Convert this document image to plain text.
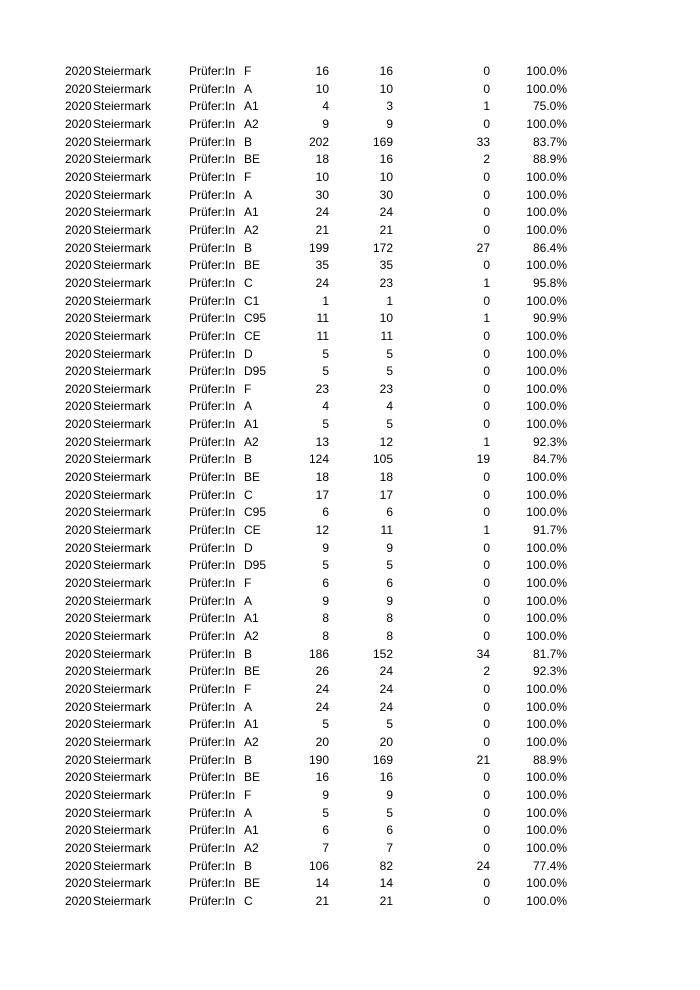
2020 Steiermark	Prüfer:In F	16	16	0	100.0%
2020 Steiermark	Prüfer:In A	10	10	0	100.0%
2020 Steiermark	Prüfer:In A1	4	3	1	75.0%
2020 Steiermark	Prüfer:In A2	9	9	0	100.0%
2020 Steiermark	Prüfer:In B	202	169	33	83.7%
2020 Steiermark	Prüfer:In BE	18	16	2	88.9%
2020 Steiermark	Prüfer:In F	10	10	0	100.0%
2020 Steiermark	Prüfer:In A	30	30	0	100.0%
2020 Steiermark	Prüfer:In A1	24	24	0	100.0%
2020 Steiermark	Prüfer:In A2	21	21	0	100.0%
2020 Steiermark	Prüfer:In B	199	172	27	86.4%
2020 Steiermark	Prüfer:In BE	35	35	0	100.0%
2020 Steiermark	Prüfer:In C	24	23	1	95.8%
2020 Steiermark	Prüfer:In C1	1	1	0	100.0%
2020 Steiermark	Prüfer:In C95	11	10	1	90.9%
2020 Steiermark	Prüfer:In CE	11	11	0	100.0%
2020 Steiermark	Prüfer:In D	5	5	0	100.0%
2020 Steiermark	Prüfer:In D95	5	5	0	100.0%
2020 Steiermark	Prüfer:In F	23	23	0	100.0%
2020 Steiermark	Prüfer:In A	4	4	0	100.0%
2020 Steiermark	Prüfer:In A1	5	5	0	100.0%
2020 Steiermark	Prüfer:In A2	13	12	1	92.3%
2020 Steiermark	Prüfer:In B	124	105	19	84.7%
2020 Steiermark	Prüfer:In BE	18	18	0	100.0%
2020 Steiermark	Prüfer:In C	17	17	0	100.0%
2020 Steiermark	Prüfer:In C95	6	6	0	100.0%
2020 Steiermark	Prüfer:In CE	12	11	1	91.7%
2020 Steiermark	Prüfer:In D	9	9	0	100.0%
2020 Steiermark	Prüfer:In D95	5	5	0	100.0%
2020 Steiermark	Prüfer:In F	6	6	0	100.0%
2020 Steiermark	Prüfer:In A	9	9	0	100.0%
2020 Steiermark	Prüfer:In A1	8	8	0	100.0%
2020 Steiermark	Prüfer:In A2	8	8	0	100.0%
2020 Steiermark	Prüfer:In B	186	152	34	81.7%
2020 Steiermark	Prüfer:In BE	26	24	2	92.3%
2020 Steiermark	Prüfer:In F	24	24	0	100.0%
2020 Steiermark	Prüfer:In A	24	24	0	100.0%
2020 Steiermark	Prüfer:In A1	5	5	0	100.0%
2020 Steiermark	Prüfer:In A2	20	20	0	100.0%
2020 Steiermark	Prüfer:In B	190	169	21	88.9%
2020 Steiermark	Prüfer:In BE	16	16	0	100.0%
2020 Steiermark	Prüfer:In F	9	9	0	100.0%
2020 Steiermark	Prüfer:In A	5	5	0	100.0%
2020 Steiermark	Prüfer:In A1	6	6	0	100.0%
2020 Steiermark	Prüfer:In A2	7	7	0	100.0%
2020 Steiermark	Prüfer:In B	106	82	24	77.4%
2020 Steiermark	Prüfer:In BE	14	14	0	100.0%
2020 Steiermark	Prüfer:In C	21	21	0	100.0%
